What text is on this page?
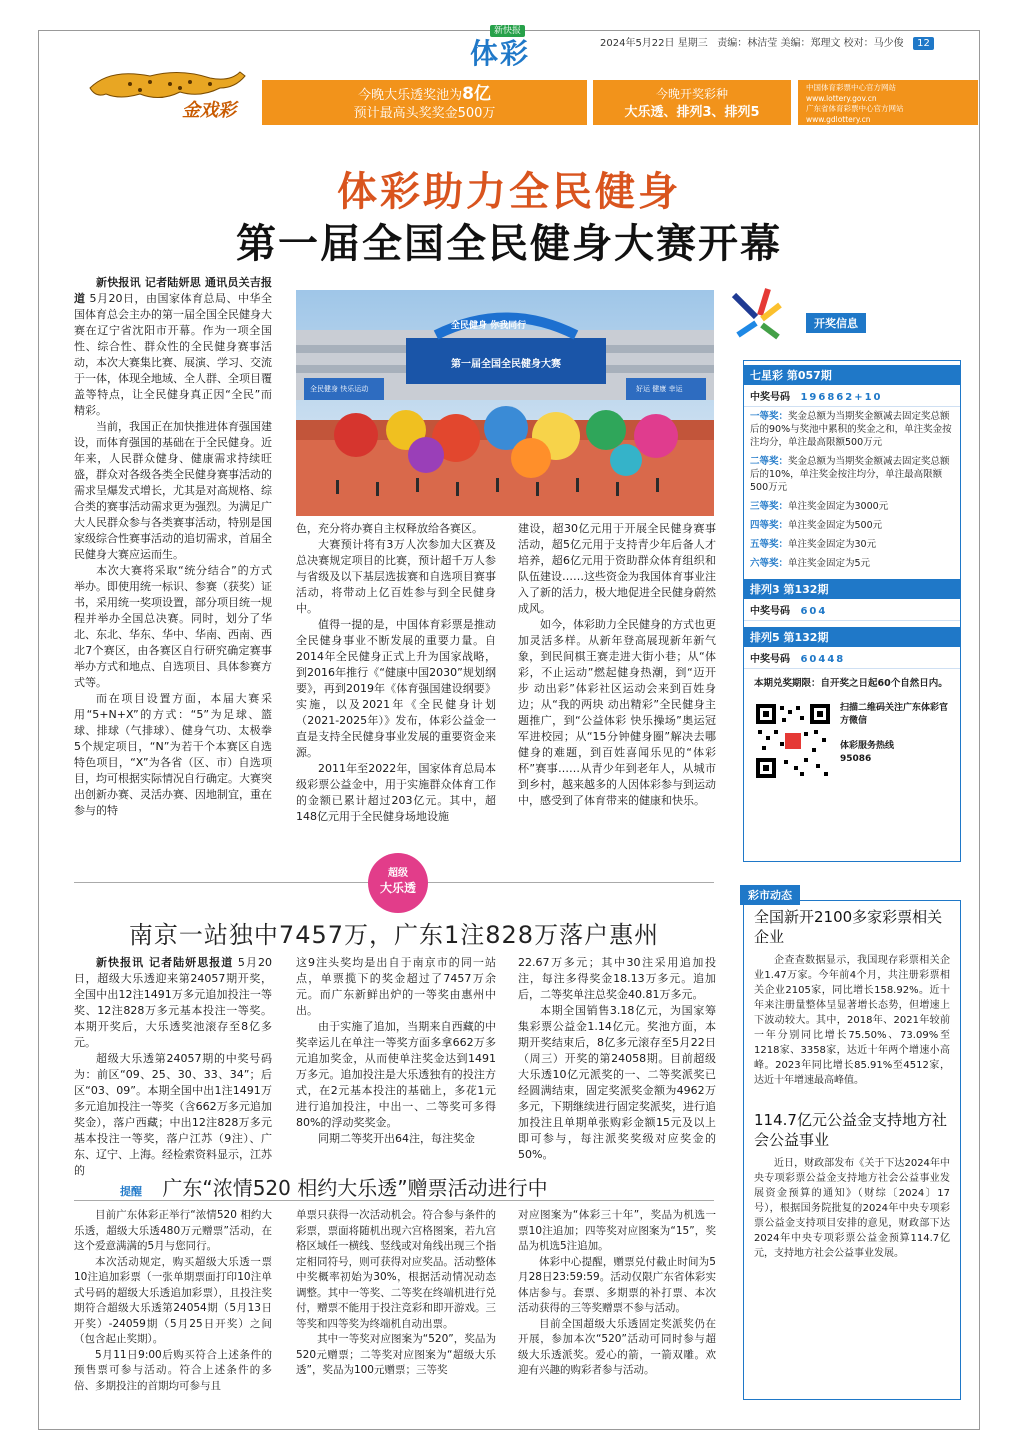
新快报
体彩	2024年5月22日 星期三 责编：林洁莹 美编：郑理文 校对：马少俊 12
金戏彩
今晚大乐透奖池为8亿
预计最高头奖奖金500万
今晚开奖彩种
大乐透、排列3、排列5
中国体育彩票中心官方网站
www.lottery.gov.cn
广东省体育彩票中心官方网站
www.gdlottery.cn
体彩助力全民健身
第一届全国全民健身大赛开幕

新快报讯 记者陆妍思 通讯员关吉报道 5月20日，由国家体育总局、中华全国体育总会主办的第一届全国全民健身大赛在辽宁省沈阳市开幕。作为一项全国性、综合性、群众性的全民健身赛事活动，本次大赛集比赛、展演、学习、交流于一体，体现全地域、全人群、全项目覆盖等特点，让全民健身真正因“全民”而精彩。

当前，我国正在加快推进体育强国建设，而体育强国的基础在于全民健身。近年来，人民群众健身、健康需求持续旺盛，群众对各级各类全民健身赛事活动的需求呈爆发式增长，尤其是对高规格、综合类的赛事活动需求更为强烈。为满足广大人民群众参与各类赛事活动，特别是国家级综合性赛事活动的追切需求，首届全民健身大赛应运而生。

本次大赛将采取“统分结合”的方式举办。即使用统一标识、参赛（获奖）证书，采用统一奖项设置，部分项目统一规程并举办全国总决赛。同时，划分了华北、东北、华东、华中、华南、西南、西北7个赛区，由各赛区自行研究确定赛事举办方式和地点、自选项目、具体参赛方式等。

而在项目设置方面，本届大赛采用“5+N+X”的方式：“5”为足球、篮球、排球（气排球）、健身气功、太极拳5个规定项目，“N”为若干个本赛区自选特色项目，“X”为各省（区、市）自选项目，均可根据实际情况自行确定。大赛突出创新办赛、灵活办赛、因地制宜，重在参与的特

全民健身 你我同行
第一届全国全民健身大赛
全民健身 快乐运动	好运 健康 幸运

色，充分将办赛自主权释放给各赛区。

大赛预计将有3万人次参加大区赛及总决赛规定项目的比赛，预计超千万人参与省级及以下基层选拔赛和自选项目赛事活动，将带动上亿百姓参与到全民健身中。

值得一提的是，中国体育彩票是推动全民健身事业不断发展的重要力量。自2014年全民健身正式上升为国家战略，到2016年推行《“健康中国2030”规划纲要》，再到2019年《体育强国建设纲要》实施，以及2021年《全民健身计划（2021-2025年）》发布，体彩公益金一直是支持全民健身事业发展的重要资金来源。

2011年至2022年，国家体育总局本级彩票公益金中，用于实施群众体育工作的金额已累计超过203亿元。其中，超148亿元用于全民健身场地设施

建设，超30亿元用于开展全民健身赛事活动，超5亿元用于支持青少年后备人才培养，超6亿元用于资助群众体育组织和队伍建设……这些资金为我国体育事业注入了新的活力，极大地促进全民健身蔚然成风。

如今，体彩助力全民健身的方式也更加灵活多样。从新年登高展现新年新气象，到民间棋王赛走进大街小巷；从“体彩，不止运动”燃起健身热潮，到“迈开步 动出彩”体彩社区运动会来到百姓身边；从“我的两块 动出精彩”全民健身主题推广，到“公益体彩 快乐操场”奥运冠军进校园；从“15分钟健身圈”解决去哪健身的难题，到百姓喜闻乐见的“体彩杯”赛事……从青少年到老年人，从城市到乡村，越来越多的人因体彩参与到运动中，感受到了体育带来的健康和快乐。

开奖信息
七星彩 第057期
中奖号码 196862+10
一等奖：奖金总额为当期奖金额减去固定奖总额后的90%与奖池中累积的奖金之和，单注奖金按注均分，单注最高限额500万元
二等奖：奖金总额为当期奖金额减去固定奖总额后的10%，单注奖金按注均分，单注最高限额500万元
三等奖：单注奖金固定为3000元
四等奖：单注奖金固定为500元
五等奖：单注奖金固定为30元
六等奖：单注奖金固定为5元
排列3 第132期
中奖号码 604
排列5 第132期
中奖号码 60448
本期兑奖期限：自开奖之日起60个自然日内。
扫描二维码关注广东体彩官方微信
体彩服务热线
95086
超级
大乐透
南京一站独中7457万，广东1注828万落户惠州

新快报讯 记者陆妍思报道 5月20日，超级大乐透迎来第24057期开奖，全国中出12注1491万多元追加投注一等奖、12注828万多元基本投注一等奖。本期开奖后，大乐透奖池滚存至8亿多元。

超级大乐透第24057期的中奖号码为：前区“09、25、30、33、34”；后区“03、09”。本期全国中出1注1491万多元追加投注一等奖（含662万多元追加奖金），落户西藏；中出12注828万多元基本投注一等奖，落户江苏（9注）、广东、辽宁、上海。经检索资料显示，江苏的

这9注头奖均是出自于南京市的同一站点，单票揽下的奖金超过了7457万余元。而广东新鲜出炉的一等奖由惠州中出。

由于实施了追加，当期来自西藏的中奖幸运儿在单注一等奖方面多拿662万多元追加奖金，从而使单注奖金达到1491万多元。追加投注是大乐透独有的投注方式，在2元基本投注的基础上，多花1元进行追加投注，中出一、二等奖可多得80%的浮动奖奖金。

同期二等奖开出64注，每注奖金

22.67万多元；其中30注采用追加投注，每注多得奖金18.13万多元。追加后，二等奖单注总奖金40.81万多元。

本期全国销售3.18亿元，为国家筹集彩票公益金1.14亿元。奖池方面，本期开奖结束后，8亿多元滚存至5月22日（周三）开奖的第24058期。目前超级大乐透10亿元派奖的一、二等奖派奖已经圆满结束，固定奖派奖金额为4962万多元，下期继续进行固定奖派奖，进行追加投注且单期单张购彩金额15元及以上即可参与，每注派奖奖级对应奖金的50%。

提醒 广东“浓情520 相约大乐透”赠票活动进行中

目前广东体彩正举行“浓情520 相约大乐透，超级大乐透480万元赠票”活动，在这个爱意满满的5月与您同行。

本次活动规定，购买超级大乐透一票10注追加彩票（一张单期票面打印10注单式号码的超级大乐透追加彩票），且投注奖期符合超级大乐透第24054期（5月13日开奖）-24059期（5月25日开奖）之间（包含起止奖期）。

5月11日9:00后购买符合上述条件的预售票可参与活动。符合上述条件的多倍、多期投注的首期均可参与且

单票只获得一次活动机会。符合参与条件的彩票，票面将随机出现六宫格图案，若九宫格区域任一横线、竖线或对角线出现三个指定相同符号，则可获得对应奖品。活动整体中奖概率初始为30%，根据活动情况动态调整。其中一等奖、二等奖在终端机进行兑付，赠票不能用于投注竞彩和即开游戏。三等奖和四等奖为终端机自动出票。

其中一等奖对应图案为“520”，奖品为520元赠票；二等奖对应图案为“超级大乐透”，奖品为100元赠票；三等奖

对应图案为“体彩三十年”，奖品为机选一票10注追加；四等奖对应图案为“15”，奖品为机选5注追加。

体彩中心提醒，赠票兑付截止时间为5月28日23:59:59。活动仅限广东省体彩实体店参与。套票、多期票的补打票、本次活动获得的三等奖赠票不参与活动。

目前全国超级大乐透固定奖派奖仍在开展，参加本次“520”活动可同时参与超级大乐透派奖。爱心的箭，一箭双雕。欢迎有兴趣的购彩者参与活动。

彩市动态
全国新开2100多家彩票相关企业

企查查数据显示，我国现存彩票相关企业1.47万家。今年前4个月，共注册彩票相关企业2105家，同比增长158.92%。近十年来注册量整体呈显著增长态势，但增速上下波动较大。其中，2018年、2021年较前一年分别同比增长75.50%、73.09%至1218家、3358家，达近十年两个增速小高峰。2023年同比增长85.91%至4512家，达近十年增速最高峰值。

114.7亿元公益金支持地方社会公益事业

近日，财政部发布《关于下达2024年中央专项彩票公益金支持地方社会公益事业发展资金预算的通知》（财综〔2024〕17号），根据国务院批复的2024年中央专项彩票公益金支持项目安排的意见，财政部下达2024年中央专项彩票公益金预算114.7亿元，支持地方社会公益事业发展。
